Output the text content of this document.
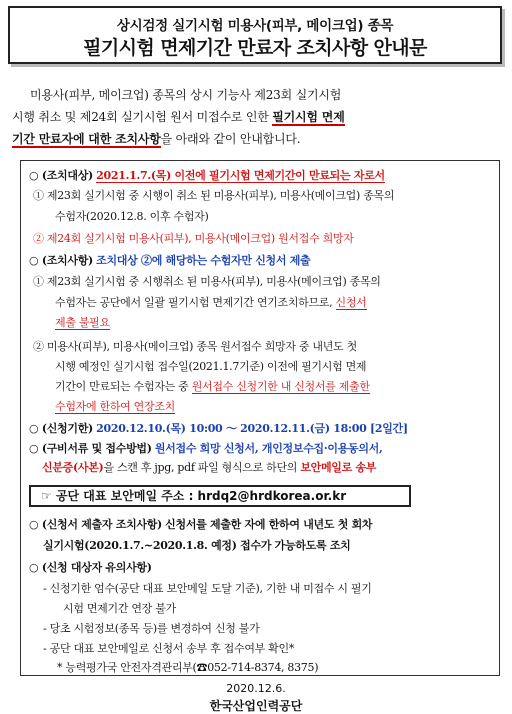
상시검정 실기시험 미용사(피부, 메이크업) 종목
필기시험 면제기간 만료자 조치사항 안내문
미용사(피부, 메이크업) 종목의 상시 기능사 제23회 실기시험
시행 취소 및 제24회 실기시험 원서 미접수로 인한 필기시험 면제
기간 만료자에 대한 조치사항을 아래와 같이 안내합니다.
○ (조치대상) 2021.1.7.(목) 이전에 필기시험 면제기간이 만료되는 자로서
① 제23회 실기시험 중 시행이 취소 된 미용사(피부), 미용사(메이크업) 종목의
수험자(2020.12.8. 이후 수험자)
② 제24회 실기시험 미용사(피부), 미용사(메이크업) 원서접수 희망자
○ (조치사항) 조치대상 ②에 해당하는 수험자만 신청서 제출
① 제23회 실기시험 중 시행취소 된 미용사(피부), 미용사(메이크업) 종목의
수험자는 공단에서 일괄 필기시험 면제기간 연기조치하므로, 신청서
제출 불필요
② 미용사(피부), 미용사(메이크업) 종목 원서접수 희망자 중 내년도 첫
시행 예정인 실기시험 접수일(2021.1.7기준) 이전에 필기시험 면제
기간이 만료되는 수험자는 중 원서접수 신청기한 내 신청서를 제출한
수험자에 한하여 연장조치
○ (신청기한) 2020.12.10.(목) 10:00 ～ 2020.12.11.(금) 18:00 [2일간]
○ (구비서류 및 접수방법) 원서접수 희망 신청서, 개인정보수집·이용동의서,
☞ 공단 대표 보안메일 주소 : hrdq2@hrdkorea.or.kr
○ (신청서 제출자 조치사항) 신청서를 제출한 자에 한하여 내년도 첫 회차
실기시험(2020.1.7.~2020.1.8. 예정) 접수가 가능하도록 조치
○ (신청 대상자 유의사항)
- 신청기한 엄수(공단 대표 보안메일 도달 기준), 기한 내 미접수 시 필기
시험 면제기간 연장 불가
- 당초 시험정보(종목 등)를 변경하여 신청 불가
- 공단 대표 보안메일로 신청서 송부 후 접수여부 확인*
* 능력평가국 안전자격관리부(☎052-714-8374, 8375)
신분증(사본)을 스캔 후 jpg, pdf 파일 형식으로 하단의 보안메일로 송부
2020.12.6.
한국산업인력공단
